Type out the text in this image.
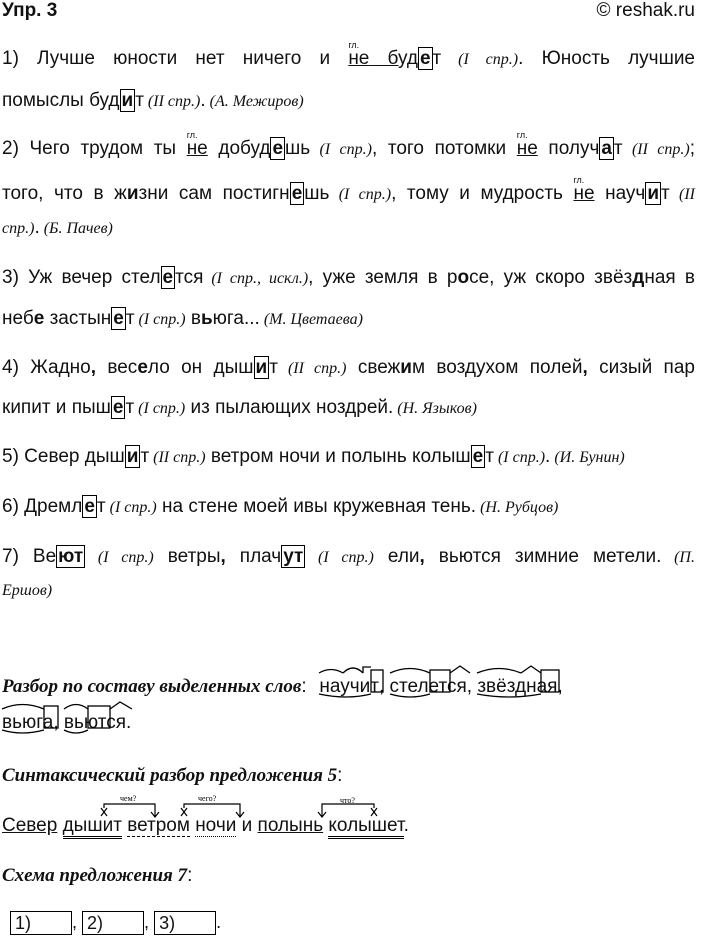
Упр. 3	© reshak.ru
1) Лучше юности нет ничего и
гл.
не буд е т (I спр.). Юность лучшие
помыслы буд и т (II спр.). (А. Межиров)
2) Чего трудом ты
гл.
не добуд е шь (I спр.), того потомки
гл.
не получ а т (II спр.);
того, что в жизни сам постигн е шь (I спр.), тому и мудрость
гл.
не науч и т (II
спр.). (Б. Пачев)
3) Уж вечер стел е тся (I спр., искл.), уже земля в росе, уж скоро звёздная в
небе застын е т (I спр.) вьюга... (М. Цветаева)
4) Жадно, весело он дыш и т (II спр.) свежим воздухом полей, сизый пар
кипит и пыш е т (I спр.) из пылающих ноздрей. (Н. Языков)
5) Север дыш и т (II спр.) ветром ночи и полынь колыш е т (I спр.). (И. Бунин)
6) Дремл е т (I спр.) на стене моей ивы кружевная тень. (Н. Рубцов)
7) Ве ют (I спр.) ветры, плач ут (I спр.) ели, вьются зимние метели. (П.
Ершов)
Разбор по составу выделенных слов: научит,
стелется,
звёздная,
вьюга,
вьются.
Синтаксический разбор предложения 5:
чем?	чего?	что?
Север дышит ветром ночи и полынь колышет.
Схема предложения 7:
1) , 2) , 3) .
